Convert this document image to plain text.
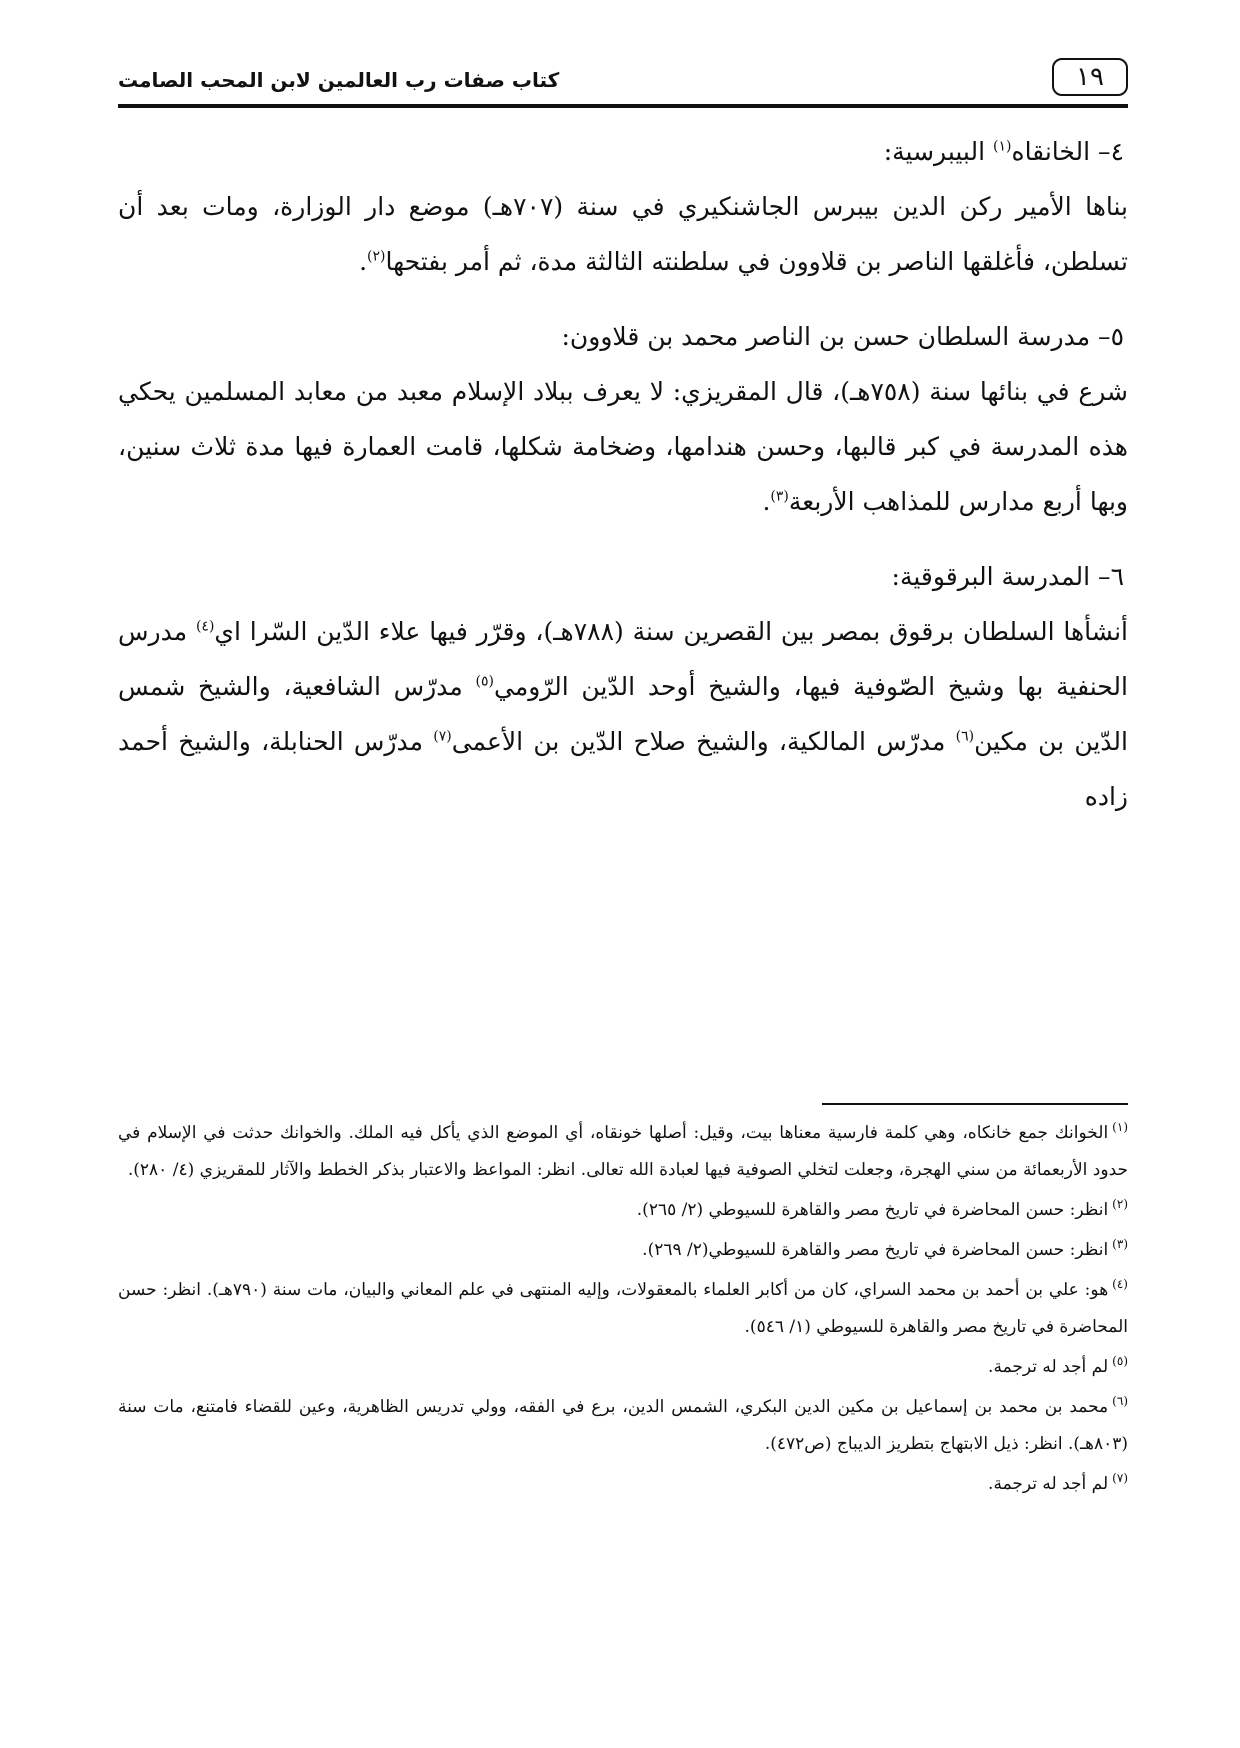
١٩
كتاب صفات رب العالمين لابن المحب الصامت

٤– الخانقاه$^{(١)}$ البيبرسية:

بناها الأمير ركن الدين بيبرس الجاشنكيري في سنة (٧٠٧هـ) موضع دار الوزارة، ومات بعد أن تسلطن، فأغلقها الناصر بن قلاوون في سلطنته الثالثة مدة، ثم أمر بفتحها$^{(٢)}$.

٥– مدرسة السلطان حسن بن الناصر محمد بن قلاوون:

شرع في بنائها سنة (٧٥٨هـ)، قال المقريزي: لا يعرف ببلاد الإسلام معبد من معابد المسلمين يحكي هذه المدرسة في كبر قالبها، وحسن هندامها، وضخامة شكلها، قامت العمارة فيها مدة ثلاث سنين، وبها أربع مدارس للمذاهب الأربعة$^{(٣)}$.

٦– المدرسة البرقوقية:

أنشأها السلطان برقوق بمصر بين القصرين سنة (٧٨٨هـ)، وقرّر فيها علاء الدّين السّرا اي$^{(٤)}$ مدرس الحنفية بها وشيخ الصّوفية فيها، والشيخ أوحد الدّين الرّومي$^{(٥)}$ مدرّس الشافعية، والشيخ شمس الدّين بن مكين$^{(٦)}$ مدرّس المالكية، والشيخ صلاح الدّين بن الأعمى$^{(٧)}$ مدرّس الحنابلة، والشيخ أحمد زاده

$^{(١)}$الخوانك جمع خانكاه، وهي كلمة فارسية معناها بيت، وقيل: أصلها خونقاه، أي الموضع الذي يأكل فيه الملك. والخوانك حدثت في الإسلام في حدود الأربعمائة من سني الهجرة، وجعلت لتخلي الصوفية فيها لعبادة الله تعالى. انظر: المواعظ والاعتبار بذكر الخطط والآثار للمقريزي (٤/ ٢٨٠).

$^{(٢)}$انظر: حسن المحاضرة في تاريخ مصر والقاهرة للسيوطي (٢/ ٢٦٥).

$^{(٣)}$انظر: حسن المحاضرة في تاريخ مصر والقاهرة للسيوطي(٢/ ٢٦٩).

$^{(٤)}$هو: علي بن أحمد بن محمد السراي، كان من أكابر العلماء بالمعقولات، وإليه المنتهى في علم المعاني والبيان، مات سنة (٧٩٠هـ). انظر: حسن المحاضرة في تاريخ مصر والقاهرة للسيوطي (١/ ٥٤٦).

$^{(٥)}$لم أجد له ترجمة.

$^{(٦)}$محمد بن محمد بن إسماعيل بن مكين الدين البكري، الشمس الدين، برع في الفقه، وولي تدريس الظاهرية، وعين للقضاء فامتنع، مات سنة (٨٠٣هـ). انظر: ذيل الابتهاج بتطريز الديباج (ص٤٧٢).

$^{(٧)}$لم أجد له ترجمة.
